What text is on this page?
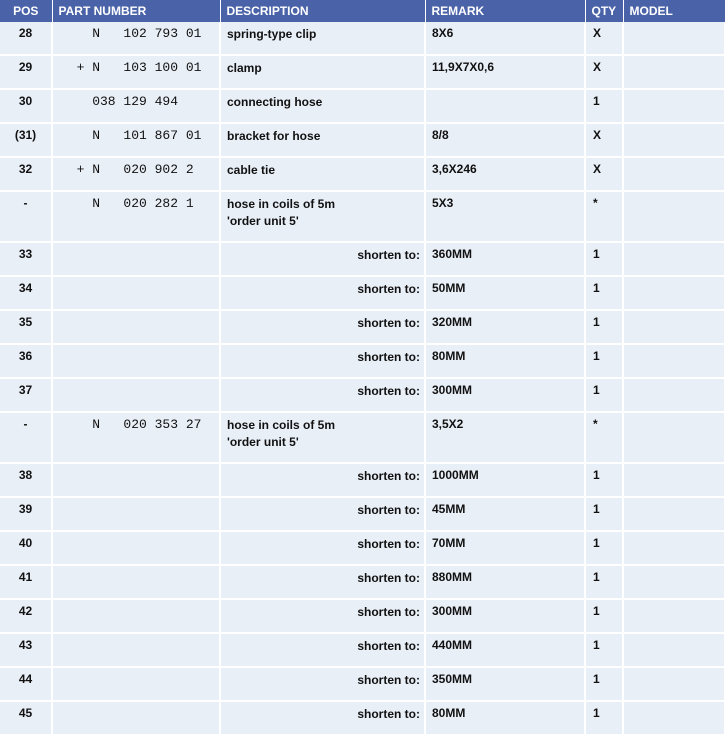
POS	PART NUMBER	DESCRIPTION	REMARK	QTY	MODEL
28	N   102 793 01	spring-type clip	8X6	X	
29	+ N   103 100 01	clamp	11,9X7X0,6	X	
30	038 129 494	connecting hose		1	
(31)	N   101 867 01	bracket for hose	8/8	X	
32	+ N   020 902 2	cable tie	3,6X246	X	
-	N   020 282 1	hose in coils of 5m
'order unit 5'	5X3	*	
33		shorten to:	360MM	1	
34		shorten to:	50MM	1	
35		shorten to:	320MM	1	
36		shorten to:	80MM	1	
37		shorten to:	300MM	1	
-	N   020 353 27	hose in coils of 5m
'order unit 5'	3,5X2	*	
38		shorten to:	1000MM	1	
39		shorten to:	45MM	1	
40		shorten to:	70MM	1	
41		shorten to:	880MM	1	
42		shorten to:	300MM	1	
43		shorten to:	440MM	1	
44		shorten to:	350MM	1	
45		shorten to:	80MM	1	
